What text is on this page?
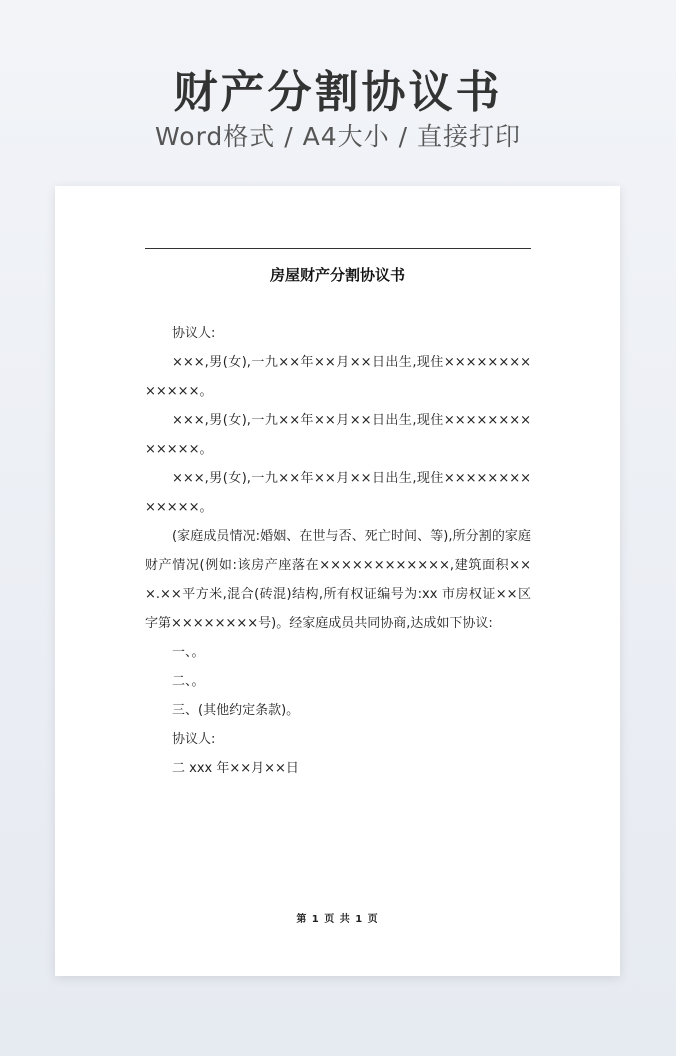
财产分割协议书
Word格式 / A4大小 / 直接打印
房屋财产分割协议书

协议人:

×××,男(女),一九××年××月××日出生,现住×××××××××××××。

×××,男(女),一九××年××月××日出生,现住×××××××××××××。

×××,男(女),一九××年××月××日出生,现住×××××××××××××。

(家庭成员情况:婚姻、在世与否、死亡时间、等),所分割的家庭财产情况(例如:该房产座落在××××××××××××,建筑面积×××.××平方米,混合(砖混)结构,所有权证编号为:xx 市房权证××区字第××××××××号)。经家庭成员共同协商,达成如下协议:

一、。

二、。

三、(其他约定条款)。

协议人:

二 xxx 年××月××日

第 1 页 共 1 页
